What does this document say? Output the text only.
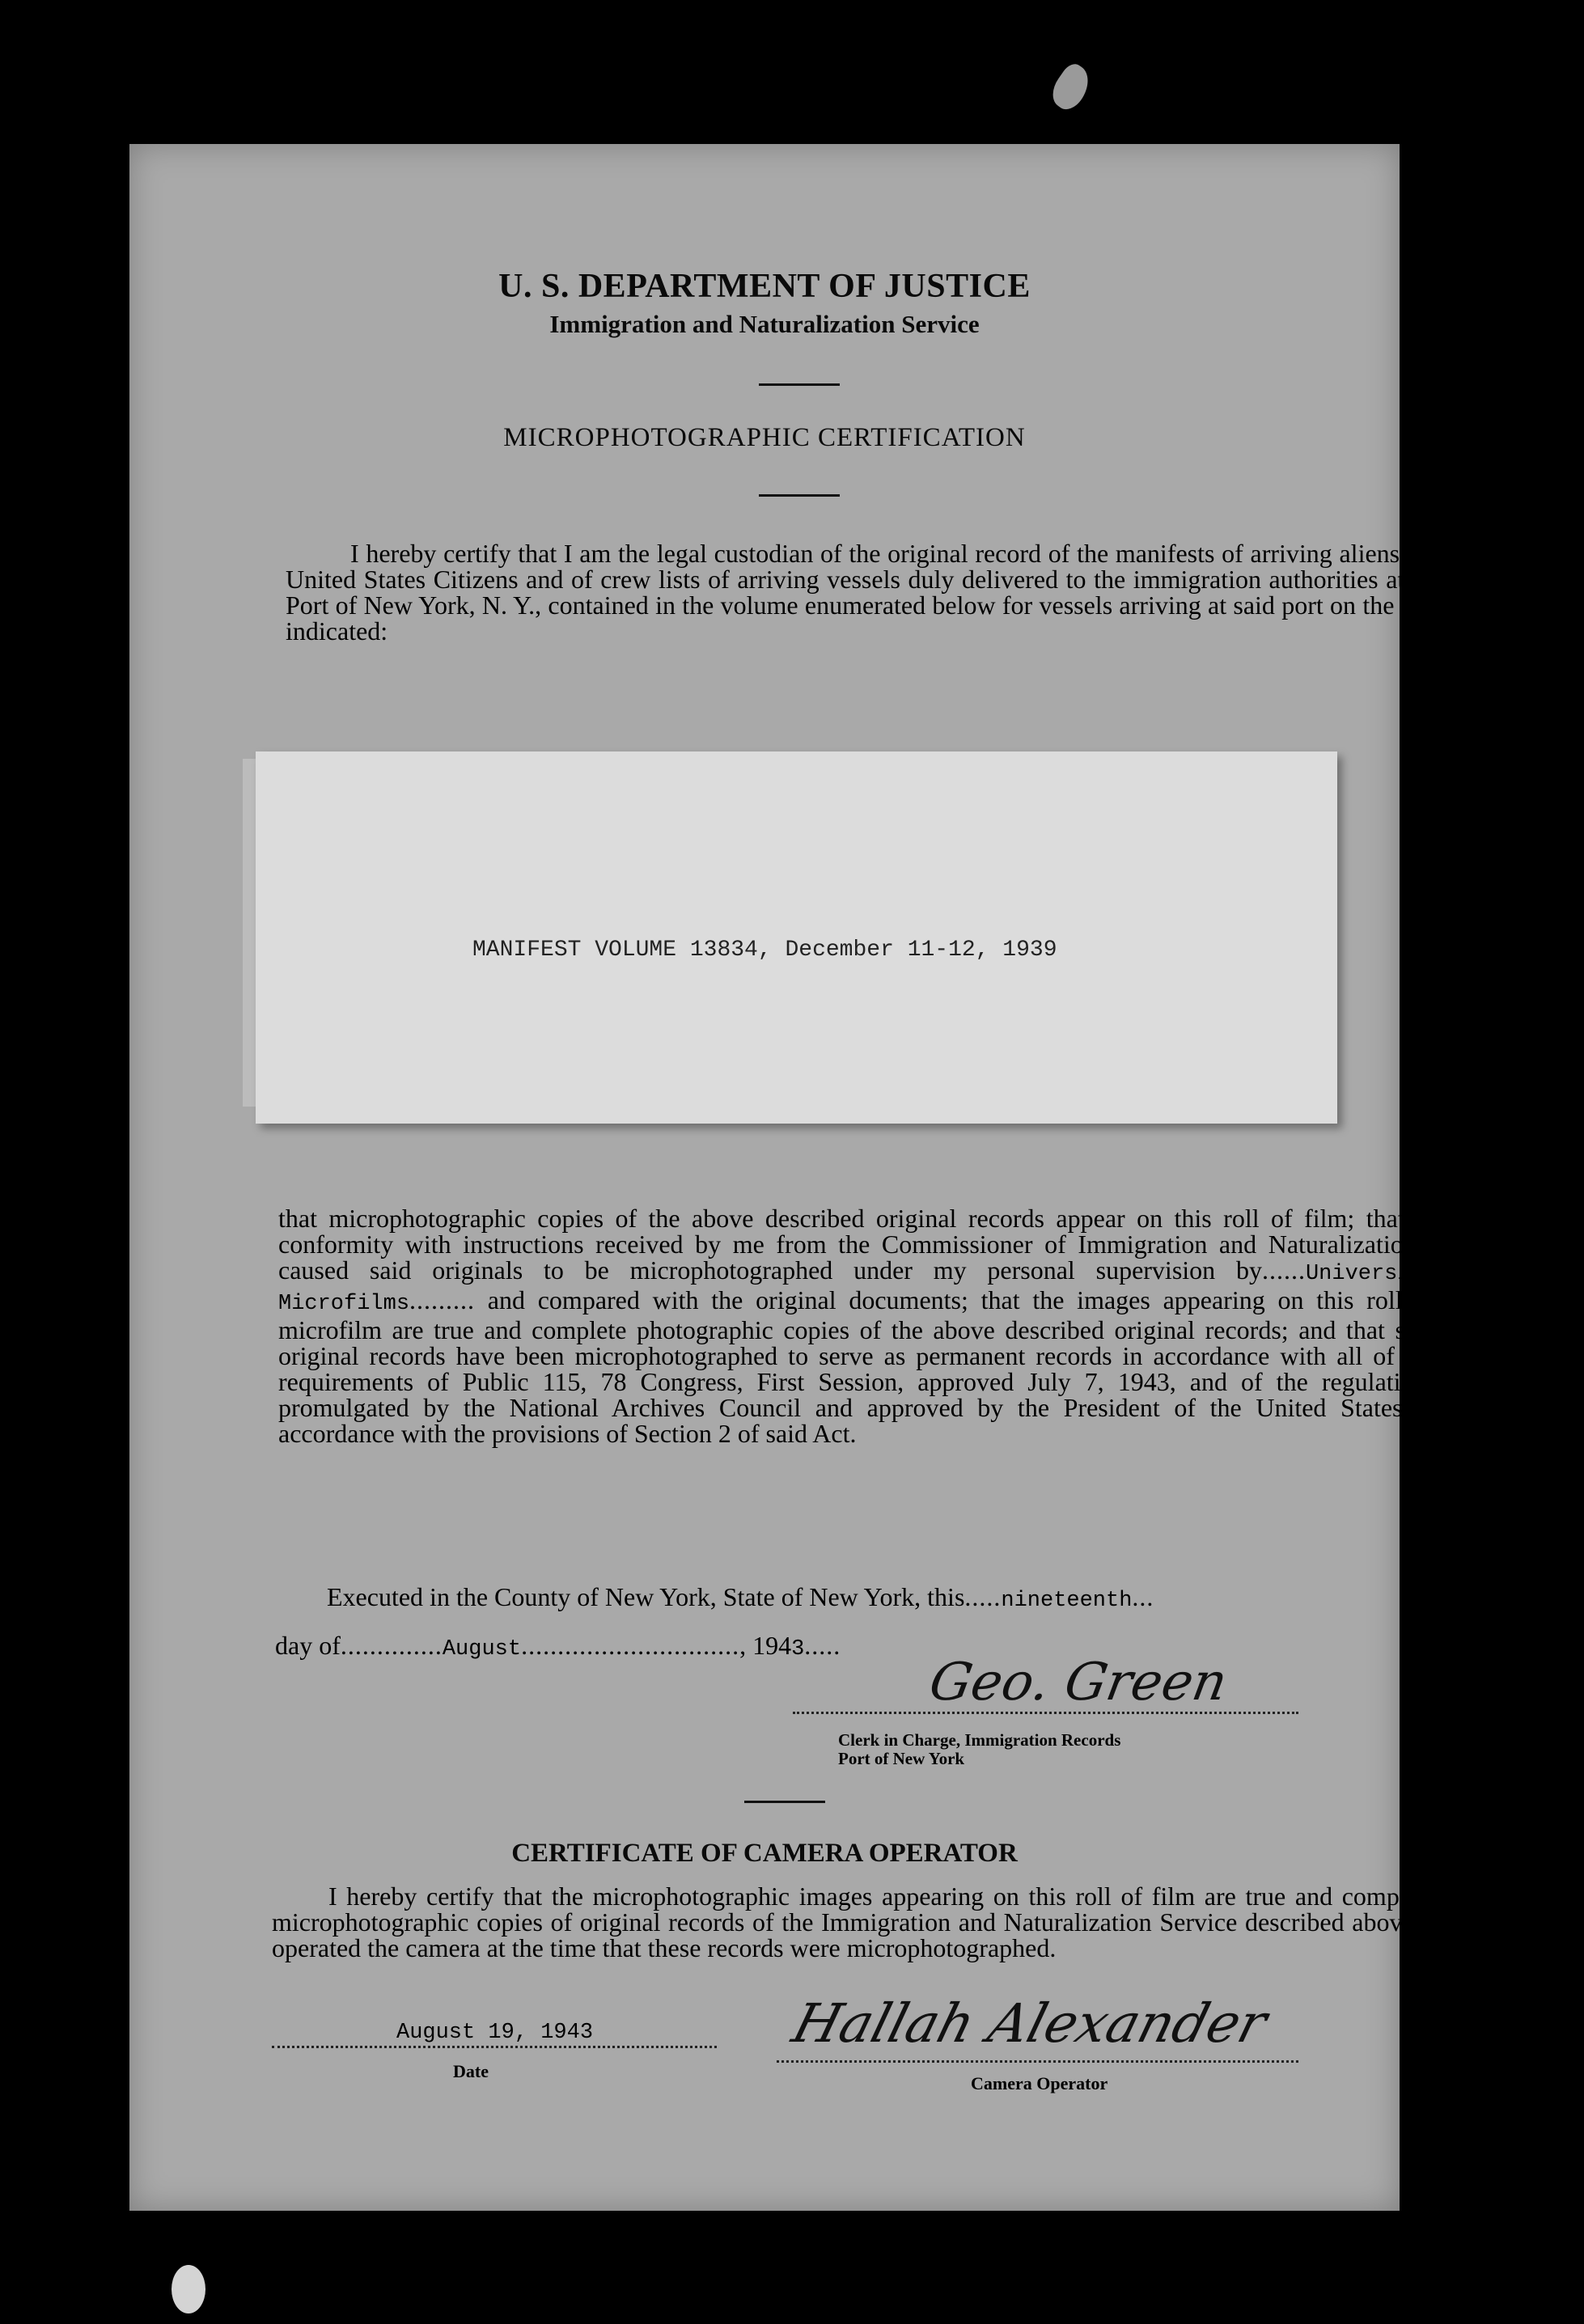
U. S. DEPARTMENT OF JUSTICE
Immigration and Naturalization Service
MICROPHOTOGRAPHIC CERTIFICATION
I hereby certify that I am the legal custodian of the original record of the manifests of arriving aliens and United States Citizens and of crew lists of arriving vessels duly delivered to the immigration authorities at the Port of New York, N. Y., contained in the volume enumerated below for vessels arriving at said port on the date indicated:
MANIFEST VOLUME 13834, December 11-12, 1939
that microphotographic copies of the above described original records appear on this roll of film; that in conformity with instructions received by me from the Commissioner of Immigration and Naturalization I caused said originals to be microphotographed under my personal supervision by......University Microfilms......... and compared with the original documents; that the images appearing on this roll of microfilm are true and complete photographic copies of the above described original records; and that said original records have been microphotographed to serve as permanent records in accordance with all of the requirements of Public 115, 78 Congress, First Session, approved July 7, 1943, and of the regulations promulgated by the National Archives Council and approved by the President of the United States in accordance with the provisions of Section 2 of said Act.
Executed in the County of New York, State of New York, this.....nineteenth...
day of..............August.............................., 1943.....
Geo. Green
Clerk in Charge, Immigration Records
Port of New York
CERTIFICATE OF CAMERA OPERATOR
I hereby certify that the microphotographic images appearing on this roll of film are true and complete microphotographic copies of original records of the Immigration and Naturalization Service described above. I operated the camera at the time that these records were microphotographed.
August 19, 1943
Date
Hallah Alexander
Camera Operator
